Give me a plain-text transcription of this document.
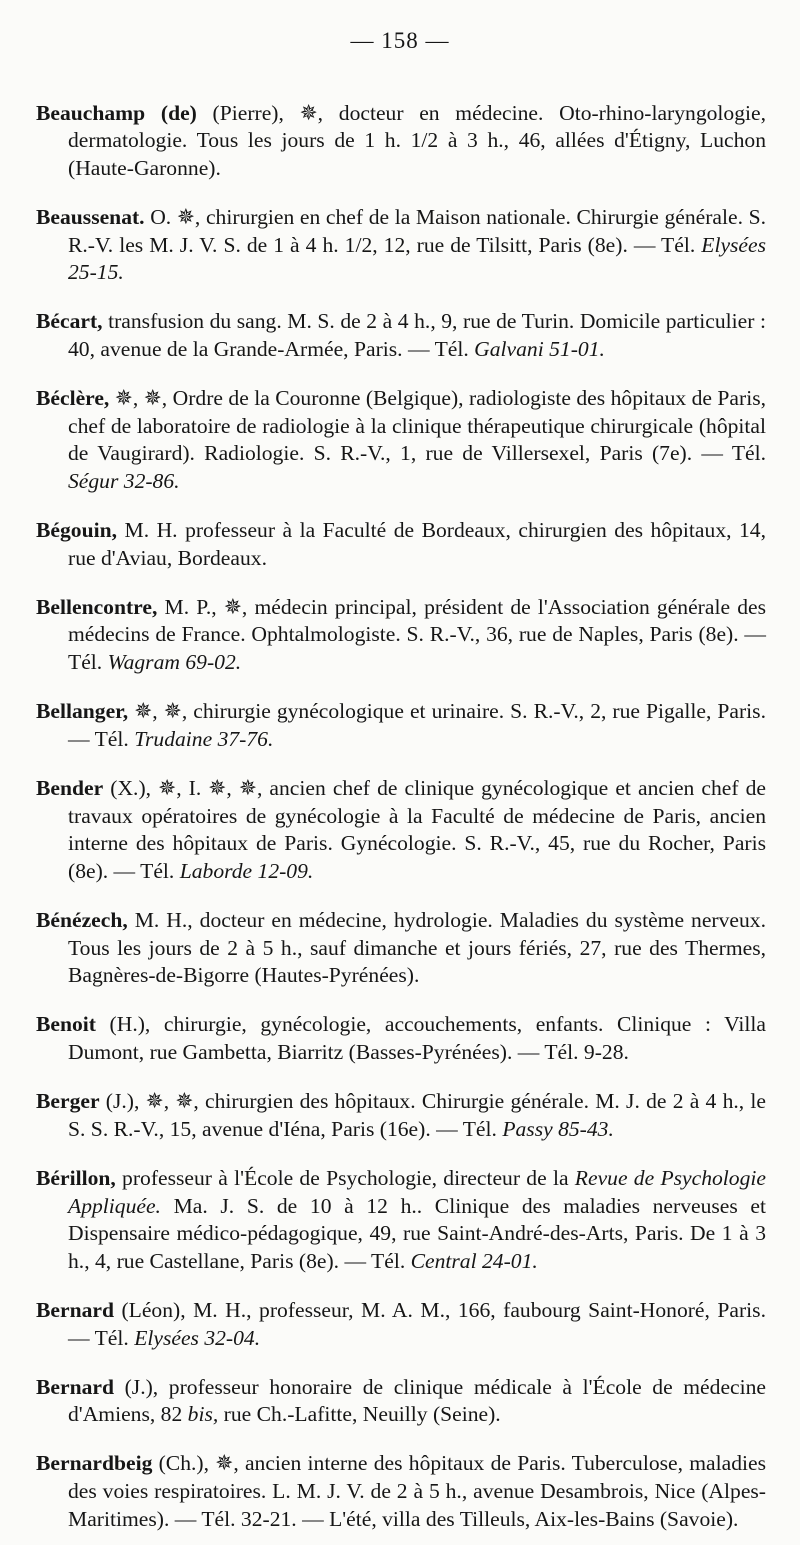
— 158 —

Beauchamp (de) (Pierre), ✵, docteur en médecine. Oto-rhino-laryngologie, dermatologie. Tous les jours de 1 h. 1/2 à 3 h., 46, allées d'Étigny, Luchon (Haute-Garonne).

Beaussenat. O. ✵, chirurgien en chef de la Maison nationale. Chirurgie générale. S. R.-V. les M. J. V. S. de 1 à 4 h. 1/2, 12, rue de Tilsitt, Paris (8e). — Tél. Elysées 25-15.

Bécart, transfusion du sang. M. S. de 2 à 4 h., 9, rue de Turin. Domicile particulier : 40, avenue de la Grande-Armée, Paris. — Tél. Galvani 51-01.

Béclère, ✵, ✵, Ordre de la Couronne (Belgique), radiologiste des hôpitaux de Paris, chef de laboratoire de radiologie à la clinique thérapeutique chirurgicale (hôpital de Vaugirard). Radiologie. S. R.-V., 1, rue de Villersexel, Paris (7e). — Tél. Ségur 32-86.

Bégouin, M. H. professeur à la Faculté de Bordeaux, chirurgien des hôpitaux, 14, rue d'Aviau, Bordeaux.

Bellencontre, M. P., ✵, médecin principal, président de l'Association générale des médecins de France. Ophtalmologiste. S. R.-V., 36, rue de Naples, Paris (8e). — Tél. Wagram 69-02.

Bellanger, ✵, ✵, chirurgie gynécologique et urinaire. S. R.-V., 2, rue Pigalle, Paris. — Tél. Trudaine 37-76.

Bender (X.), ✵, I. ✵, ✵, ancien chef de clinique gynécologique et ancien chef de travaux opératoires de gynécologie à la Faculté de médecine de Paris, ancien interne des hôpitaux de Paris. Gynécologie. S. R.-V., 45, rue du Rocher, Paris (8e). — Tél. Laborde 12-09.

Bénézech, M. H., docteur en médecine, hydrologie. Maladies du système nerveux. Tous les jours de 2 à 5 h., sauf dimanche et jours fériés, 27, rue des Thermes, Bagnères-de-Bigorre (Hautes-Pyrénées).

Benoit (H.), chirurgie, gynécologie, accouchements, enfants. Clinique : Villa Dumont, rue Gambetta, Biarritz (Basses-Pyrénées). — Tél. 9-28.

Berger (J.), ✵, ✵, chirurgien des hôpitaux. Chirurgie générale. M. J. de 2 à 4 h., le S. S. R.-V., 15, avenue d'Iéna, Paris (16e). — Tél. Passy 85-43.

Bérillon, professeur à l'École de Psychologie, directeur de la Revue de Psychologie Appliquée. Ma. J. S. de 10 à 12 h.. Clinique des maladies nerveuses et Dispensaire médico-pédagogique, 49, rue Saint-André-des-Arts, Paris. De 1 à 3 h., 4, rue Castellane, Paris (8e). — Tél. Central 24-01.

Bernard (Léon), M. H., professeur, M. A. M., 166, faubourg Saint-Honoré, Paris. — Tél. Elysées 32-04.

Bernard (J.), professeur honoraire de clinique médicale à l'École de médecine d'Amiens, 82 bis, rue Ch.-Lafitte, Neuilly (Seine).

Bernardbeig (Ch.), ✵, ancien interne des hôpitaux de Paris. Tuberculose, maladies des voies respiratoires. L. M. J. V. de 2 à 5 h., avenue Desambrois, Nice (Alpes-Maritimes). — Tél. 32-21. — L'été, villa des Tilleuls, Aix-les-Bains (Savoie).
